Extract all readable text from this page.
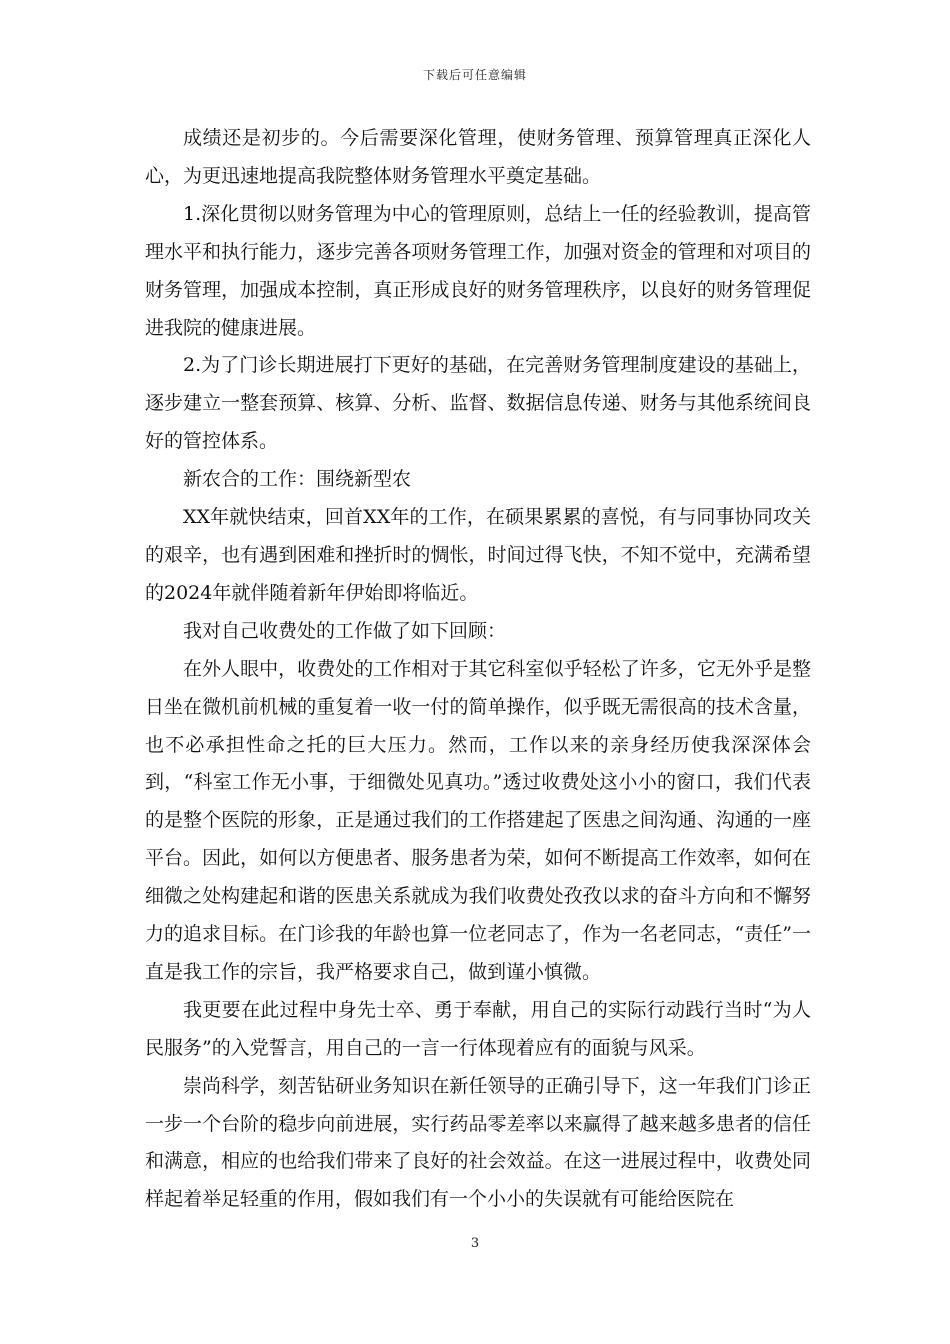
下载后可任意编辑

成绩还是初步的。今后需要深化管理，使财务管理、预算管理真正深化人心，为更迅速地提高我院整体财务管理水平奠定基础。

1.深化贯彻以财务管理为中心的管理原则，总结上一任的经验教训，提高管理水平和执行能力，逐步完善各项财务管理工作，加强对资金的管理和对项目的财务管理，加强成本控制，真正形成良好的财务管理秩序，以良好的财务管理促进我院的健康进展。

2.为了门诊长期进展打下更好的基础，在完善财务管理制度建设的基础上，逐步建立一整套预算、核算、分析、监督、数据信息传递、财务与其他系统间良好的管控体系。

新农合的工作：围绕新型农

XX年就快结束，回首XX年的工作，在硕果累累的喜悦，有与同事协同攻关的艰辛，也有遇到困难和挫折时的惆怅，时间过得飞快，不知不觉中，充满希望的2024年就伴随着新年伊始即将临近。

我对自己收费处的工作做了如下回顾：

在外人眼中，收费处的工作相对于其它科室似乎轻松了许多，它无外乎是整日坐在微机前机械的重复着一收一付的简单操作，似乎既无需很高的技术含量，也不必承担性命之托的巨大压力。然而，工作以来的亲身经历使我深深体会到，“科室工作无小事，于细微处见真功。”透过收费处这小小的窗口，我们代表的是整个医院的形象，正是通过我们的工作搭建起了医患之间沟通、沟通的一座平台。因此，如何以方便患者、服务患者为荣，如何不断提高工作效率，如何在细微之处构建起和谐的医患关系就成为我们收费处孜孜以求的奋斗方向和不懈努力的追求目标。在门诊我的年龄也算一位老同志了，作为一名老同志，“责任”一直是我工作的宗旨，我严格要求自己，做到谨小慎微。

我更要在此过程中身先士卒、勇于奉献，用自己的实际行动践行当时“为人民服务”的入党誓言，用自己的一言一行体现着应有的面貌与风采。

崇尚科学，刻苦钻研业务知识在新任领导的正确引导下，这一年我们门诊正一步一个台阶的稳步向前进展，实行药品零差率以来赢得了越来越多患者的信任和满意，相应的也给我们带来了良好的社会效益。在这一进展过程中，收费处同样起着举足轻重的作用，假如我们有一个小小的失误就有可能给医院在

3
